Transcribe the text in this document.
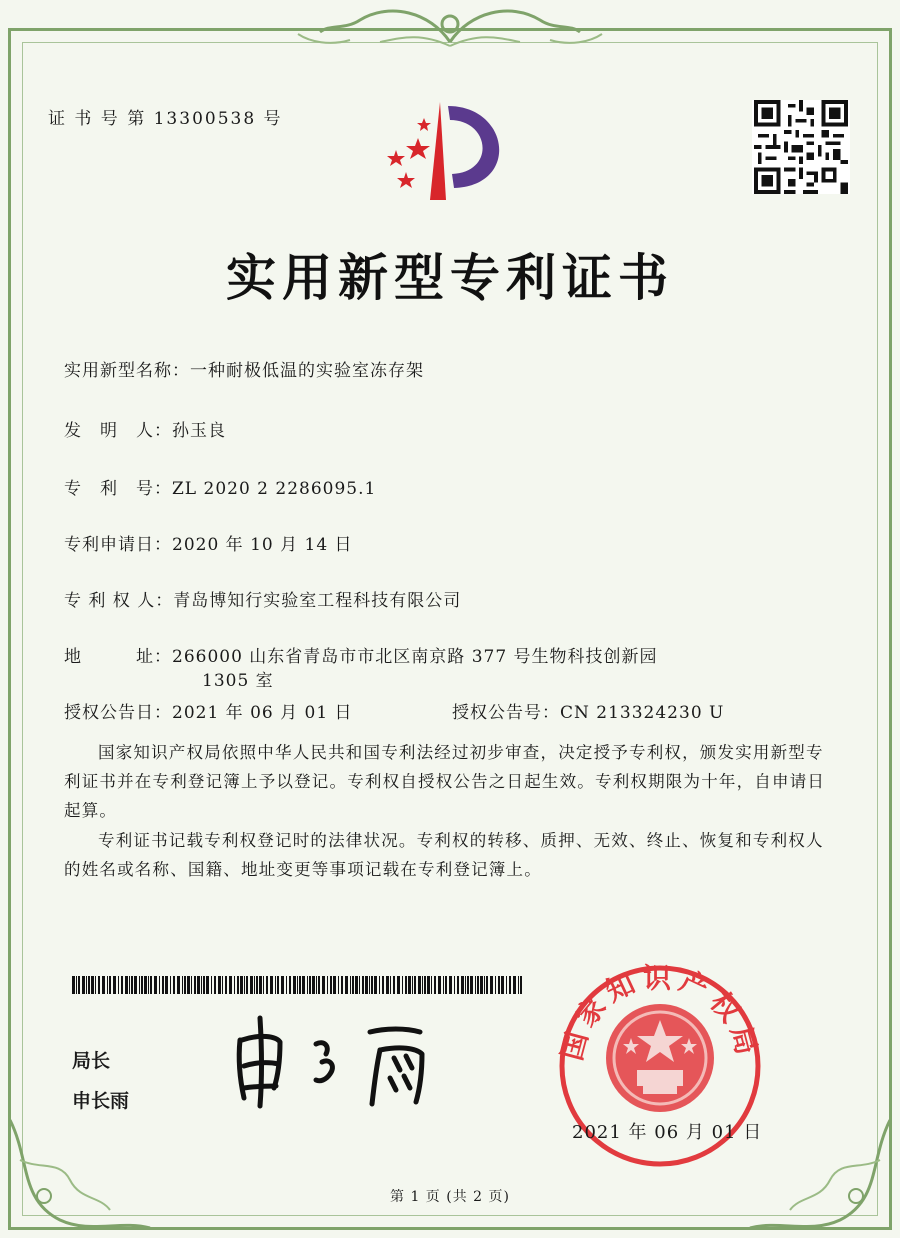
证 书 号 第 13300538 号
实用新型专利证书
实用新型名称：一种耐极低温的实验室冻存架
发　明　人：孙玉良
专　利　号：ZL 2020 2 2286095.1
专利申请日：2020 年 10 月 14 日
专 利 权 人：青岛博知行实验室工程科技有限公司
地　　　址：266000 山东省青岛市市北区南京路 377 号生物科技创新园
1305 室
授权公告日：2021 年 06 月 01 日	授权公告号：CN 213324230 U
国家知识产权局依照中华人民共和国专利法经过初步审查，决定授予专利权，颁发实用新型专利证书并在专利登记簿上予以登记。专利权自授权公告之日起生效。专利权期限为十年，自申请日起算。
专利证书记载专利权登记时的法律状况。专利权的转移、质押、无效、终止、恢复和专利权人的姓名或名称、国籍、地址变更等事项记载在专利登记簿上。
局长
申长雨
国家知识产权局
2021 年 06 月 01 日
第 1 页 (共 2 页)
